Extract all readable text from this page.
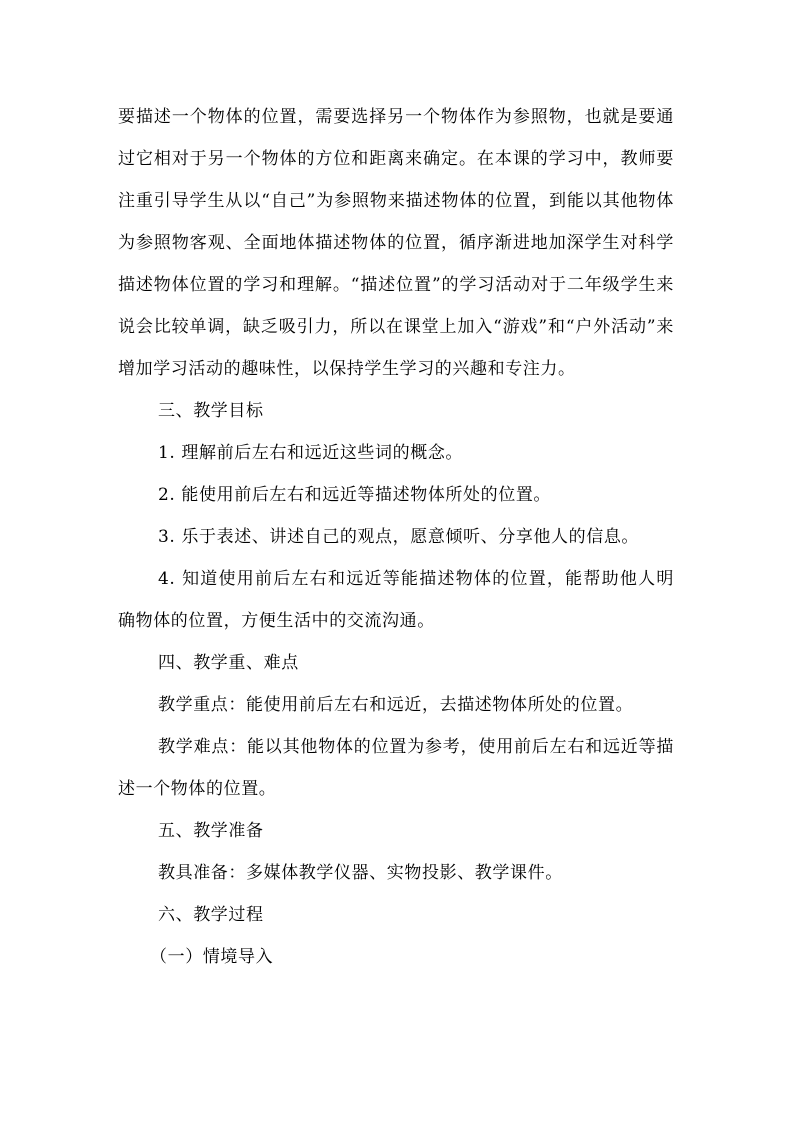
要描述一个物体的位置，需要选择另一个物体作为参照物，也就是要通过它相对于另一个物体的方位和距离来确定。在本课的学习中，教师要注重引导学生从以“自己”为参照物来描述物体的位置，到能以其他物体为参照物客观、全面地体描述物体的位置，循序渐进地加深学生对科学描述物体位置的学习和理解。“描述位置”的学习活动对于二年级学生来说会比较单调，缺乏吸引力，所以在课堂上加入“游戏”和“户外活动”来增加学习活动的趣味性，以保持学生学习的兴趣和专注力。

三、教学目标

1. 理解前后左右和远近这些词的概念。

2. 能使用前后左右和远近等描述物体所处的位置。

3. 乐于表述、讲述自己的观点，愿意倾听、分享他人的信息。

4. 知道使用前后左右和远近等能描述物体的位置，能帮助他人明确物体的位置，方便生活中的交流沟通。

四、教学重、难点

教学重点：能使用前后左右和远近，去描述物体所处的位置。

教学难点：能以其他物体的位置为参考，使用前后左右和远近等描述一个物体的位置。

五、教学准备

教具准备：多媒体教学仪器、实物投影、教学课件。

六、教学过程

（一）情境导入
